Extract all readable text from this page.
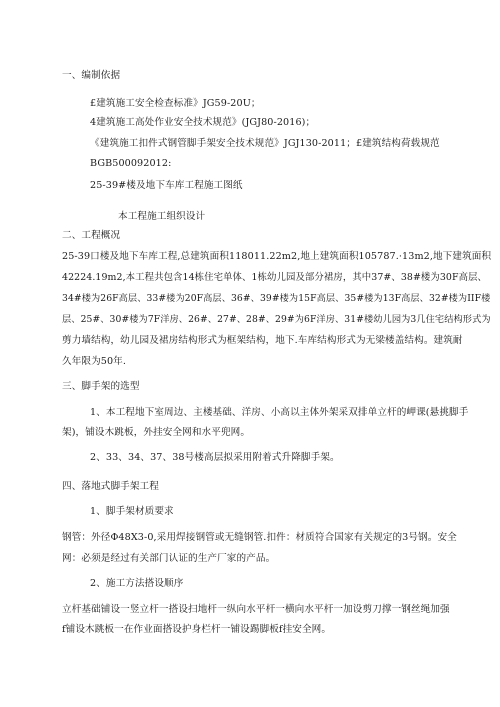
一、编制依据
£建筑施工安全检查标准》JG59-20U；
4建筑施工高处作业安全技术规范》(JGJ80-2016)；
《建筑施工扣件式钢管脚手架安全技术规范》JGJ130-2011；£建筑结构荷载规范
BGB500092012:
25-39#楼及地下车库工程施工图纸
本工程施工组织设计
二、工程概况
25-39口楼及地下车库工程,总建筑面积118011.22m2,地上建筑面积105787.·13m2,地下建筑面积
42224.19m2,本工程共包含14栋住宅单体、1栋幼儿园及部分裙房，其中37#、38#楼为30F高层、
34#楼为26F高层、33#楼为20F高层、36#、39#楼为15F高层、35#楼为13F高层、32#楼为IIF楼
层、25#、30#楼为7F洋房、26#、27#、28#、29#为6F洋房、31#楼幼儿园为3几住宅结构形式为
剪力墙结构，幼儿园及裙房结构形式为框架结构，地下.车库结构形式为无梁楼盖结构。建筑耐
久年限为50年.
三、脚手架的选型
1、本工程地下室周边、主楼基础、洋房、小高以主体外架采双排单立杆的岬课(悬挑脚手
架)，铺设木跳板，外挂安全网和水平兜网。
2、33、34、37、38号楼高层拟采用附着式升降脚手架。
四、落地式脚手架工程
1、脚手架材质要求
钢管：外径Φ48X3-0,采用焊接钢管或无缝钢管.扣件：材质符合国家有关规定的3号钢。安全
网：必须是经过有关部门认证的生产厂家的产品。
2、施工方法搭设顺序
立杆基础铺设一竖立杆一搭设扫地杆一纵向水平杆一横向水平杆一加设剪刀撑一钢丝绳加强
f铺设木跳板一在作业面搭设护身栏杆一铺设踢脚板f挂安全网。
